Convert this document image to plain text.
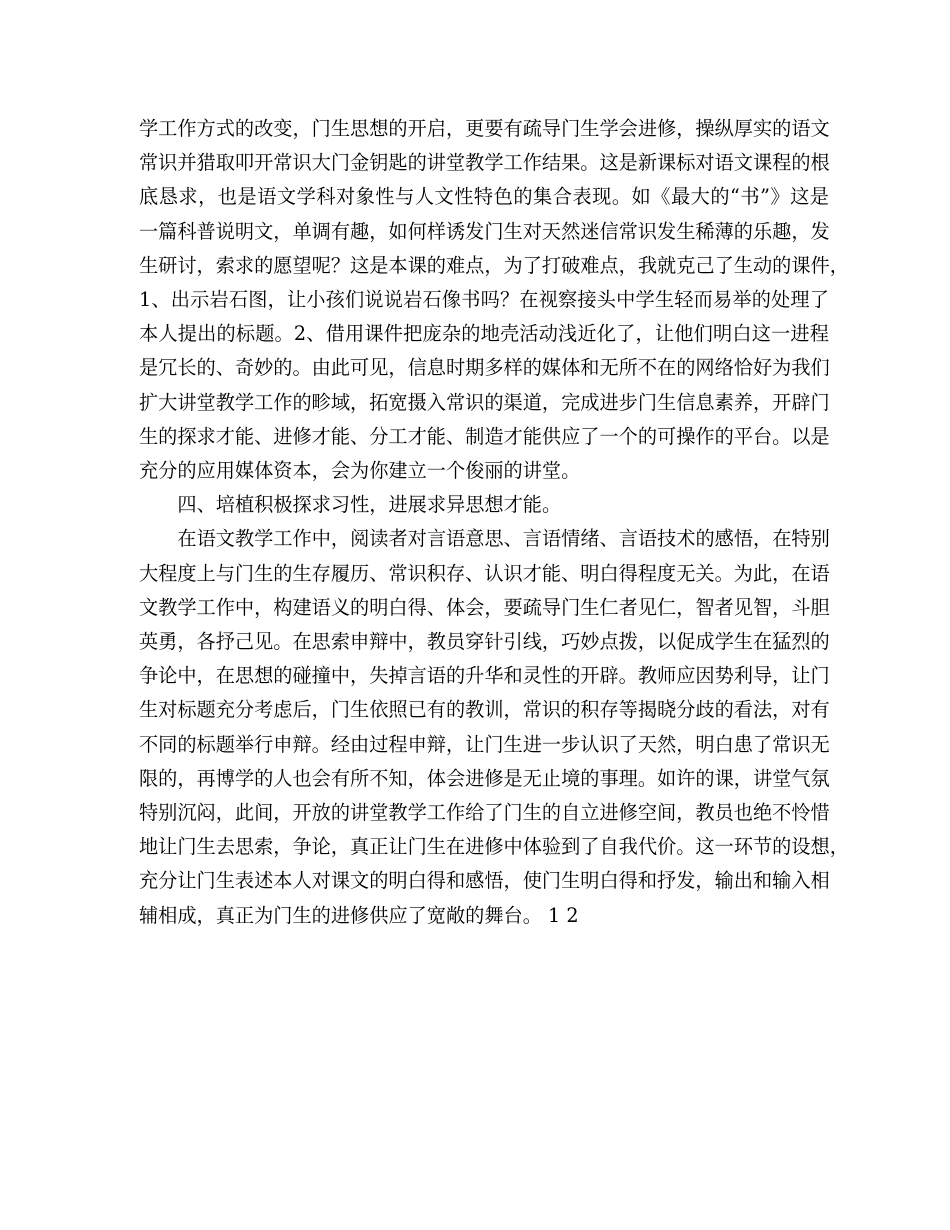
学工作方式的改变，门生思想的开启，更要有疏导门生学会进修，操纵厚实的语文
常识并猎取叩开常识大门金钥匙的讲堂教学工作结果。这是新课标对语文课程的根
底恳求，也是语文学科对象性与人文性特色的集合表现。如《最大的“书”》这是
一篇科普说明文，单调有趣，如何样诱发门生对天然迷信常识发生稀薄的乐趣，发
生研讨，索求的愿望呢？这是本课的难点，为了打破难点，我就克己了生动的课件，
1、出示岩石图，让小孩们说说岩石像书吗？在视察接头中学生轻而易举的处理了
本人提出的标题。2、借用课件把庞杂的地壳活动浅近化了，让他们明白这一进程
是冗长的、奇妙的。由此可见，信息时期多样的媒体和无所不在的网络恰好为我们
扩大讲堂教学工作的畛域，拓宽摄入常识的渠道，完成进步门生信息素养，开辟门
生的探求才能、进修才能、分工才能、制造才能供应了一个的可操作的平台。以是
充分的应用媒体资本，会为你建立一个俊丽的讲堂。

四、培植积极探求习性，进展求异思想才能。

在语文教学工作中，阅读者对言语意思、言语情绪、言语技术的感悟，在特别
大程度上与门生的生存履历、常识积存、认识才能、明白得程度无关。为此，在语
文教学工作中，构建语义的明白得、体会，要疏导门生仁者见仁，智者见智，斗胆
英勇，各抒己见。在思索申辩中，教员穿针引线，巧妙点拨，以促成学生在猛烈的
争论中，在思想的碰撞中，失掉言语的升华和灵性的开辟。教师应因势利导，让门
生对标题充分考虑后，门生依照已有的教训，常识的积存等揭晓分歧的看法，对有
不同的标题举行申辩。经由过程申辩，让门生进一步认识了天然，明白患了常识无
限的，再博学的人也会有所不知，体会进修是无止境的事理。如许的课，讲堂气氛
特别沉闷，此间，开放的讲堂教学工作给了门生的自立进修空间，教员也绝不怜惜
地让门生去思索，争论，真正让门生在进修中体验到了自我代价。这一环节的设想，
充分让门生表述本人对课文的明白得和感悟，使门生明白得和抒发，输出和输入相
辅相成，真正为门生的进修供应了宽敞的舞台。 1 2
